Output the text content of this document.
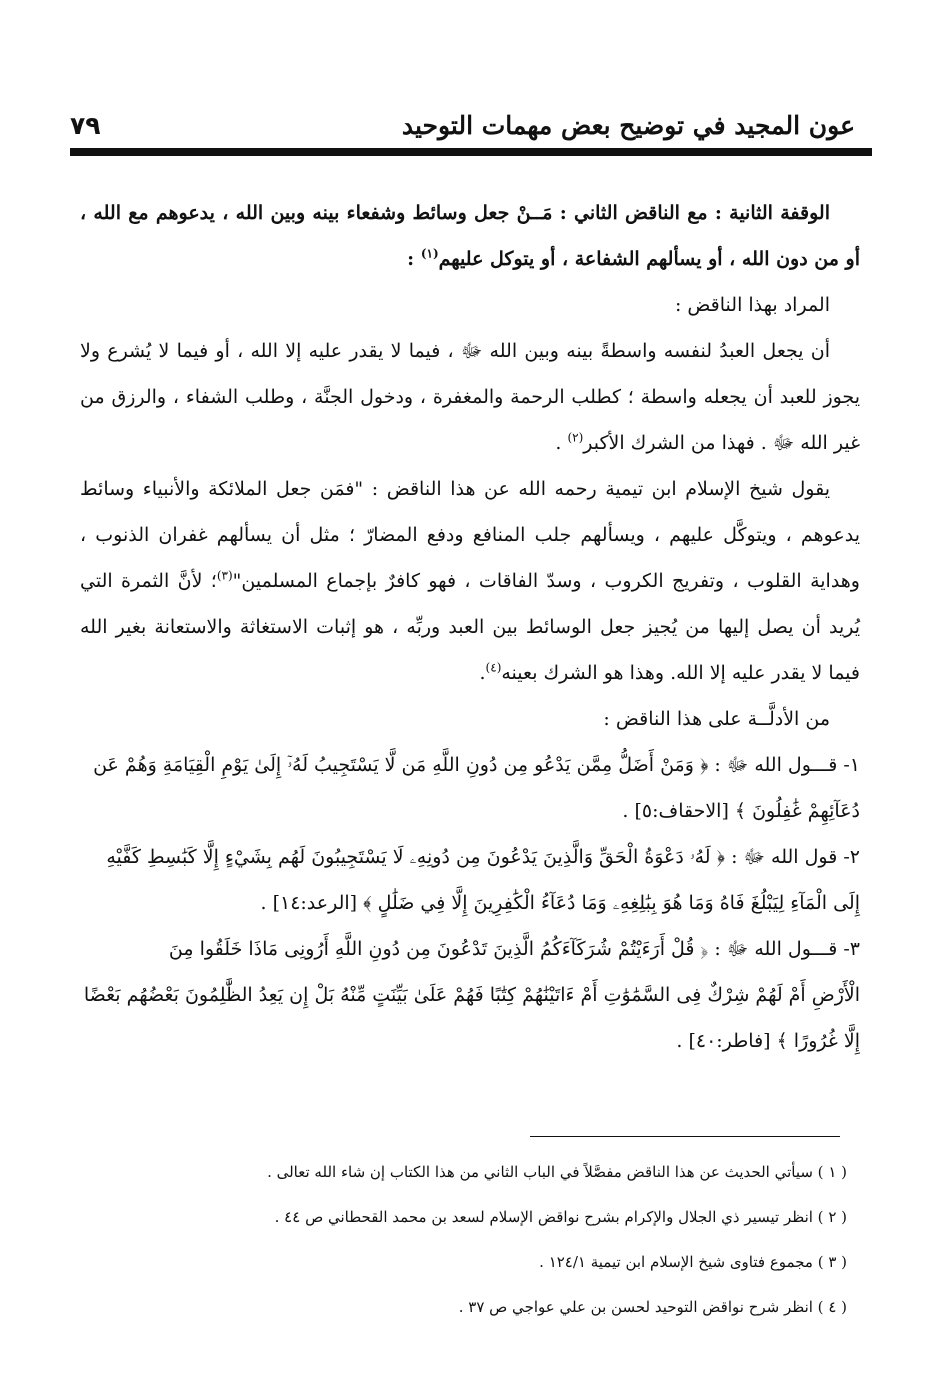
٧٩	عون المجيد في توضيح بعض مهمات التوحيد

الوقفة الثانية : مع الناقض الثاني : مَــنْ جعل وسائط وشفعاء بينه وبين الله ، يدعوهم مع الله ، أو من دون الله ، أو يسألهم الشفاعة ، أو يتوكل عليهم$^{(١)}$ :

المراد بهذا الناقض :

أن يجعل العبدُ لنفسه واسطةً بينه وبين الله ﷻ ، فيما لا يقدر عليه إلا الله ، أو فيما لا يُشرع ولا يجوز للعبد أن يجعله واسطة ؛ كطلب الرحمة والمغفرة ، ودخول الجنَّة ، وطلب الشفاء ، والرزق من غير الله ﷻ . فهذا من الشرك الأكبر$^{(٢)}$ .

يقول شيخ الإسلام ابن تيمية رحمه الله عن هذا الناقض : "فمَن جعل الملائكة والأنبياء وسائط يدعوهم ، ويتوكَّل عليهم ، ويسألهم جلب المنافع ودفع المضارّ ؛ مثل أن يسألهم غفران الذنوب ، وهداية القلوب ، وتفريج الكروب ، وسدّ الفاقات ، فهو كافرٌ بإجماع المسلمين"$^{(٣)}$؛ لأنَّ الثمرة التي يُريد أن يصل إليها من يُجيز جعل الوسائط بين العبد وربِّه ، هو إثبات الاستغاثة والاستعانة بغير الله فيما لا يقدر عليه إلا الله. وهذا هو الشرك بعينه$^{(٤)}$.

من الأدلَّــة على هذا الناقض :

١- قـــول الله ﷻ : ﴿ وَمَنْ أَضَلُّ مِمَّن يَدْعُو مِن دُونِ اللَّهِ مَن لَّا يَسْتَجِيبُ لَهُۥٓ إِلَىٰ يَوْمِ الْقِيَامَةِ وَهُمْ عَن

دُعَآئِهِمْ غَٰفِلُونَ ﴾ [الاحقاف:٥] .

٢- قول الله ﷻ : ﴿ لَهُۥ دَعْوَةُ الْحَقِّ وَالَّذِينَ يَدْعُونَ مِن دُونِهِۦ لَا يَسْتَجِيبُونَ لَهُم بِشَيْءٍ إِلَّا كَبَٰسِطِ كَفَّيْهِ

إِلَى الْمَآءِ لِيَبْلُغَ فَاهُ وَمَا هُوَ بِبَٰلِغِهِۦ وَمَا دُعَآءُ الْكَٰفِرِينَ إِلَّا فِي ضَلَٰلٍ ﴾ [الرعد:١٤] .

٣- قـــول الله ﷻ : ﴿ قُلْ أَرَءَيْتُمْ شُرَكَآءَكُمُ الَّذِينَ تَدْعُونَ مِن دُونِ اللَّهِ أَرُونِى مَاذَا خَلَقُوا مِنَ

الْأَرْضِ أَمْ لَهُمْ شِرْكٌ فِى السَّمَٰوَٰتِ أَمْ ءَاتَيْنَٰهُمْ كِتَٰبًا فَهُمْ عَلَىٰ بَيِّنَتٍ مِّنْهُ بَلْ إِن يَعِدُ الظَّٰلِمُونَ بَعْضُهُم بَعْضًا

إِلَّا غُرُورًا ﴾ [فاطر:٤٠] .

( ١ ) سيأتي الحديث عن هذا الناقض مفصَّلاً في الباب الثاني من هذا الكتاب إن شاء الله تعالى .

( ٢ ) انظر تيسير ذي الجلال والإكرام بشرح نواقض الإسلام لسعد بن محمد القحطاني ص ٤٤ .

( ٣ ) مجموع فتاوى شيخ الإسلام ابن تيمية ١٢٤/١ .

( ٤ ) انظر شرح نواقض التوحيد لحسن بن علي عواجي ص ٣٧ .
